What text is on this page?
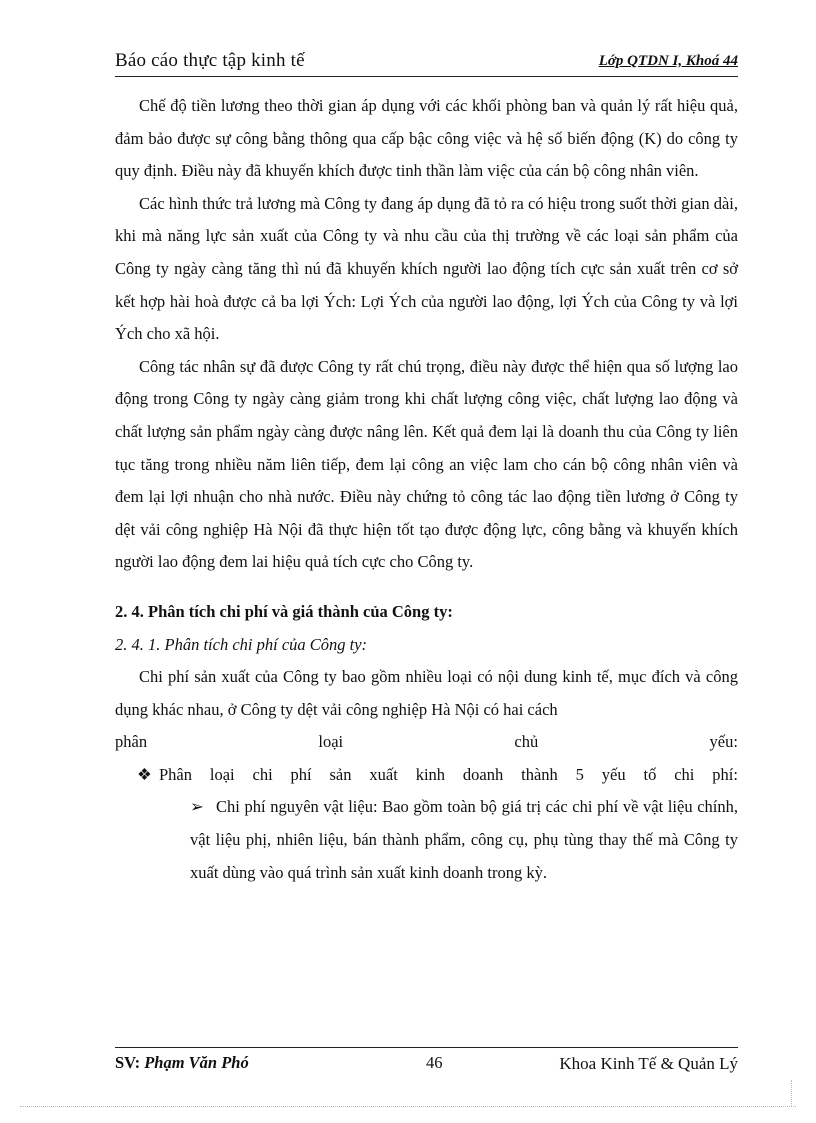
Báo cáo thực tập kinh tế	Lớp QTDN I, Khoá 44

Chế độ tiền lương theo thời gian áp dụng với các khối phòng ban và quản lý rất hiệu quả, đảm bảo được sự công bằng thông qua cấp bậc công việc và hệ số biến động (K) do công ty quy định. Điều này đã khuyến khích được tinh thần làm việc của cán bộ công nhân viên.

Các hình thức trả lương mà Công ty đang áp dụng đã tỏ ra có hiệu trong suốt thời gian dài, khi mà năng lực sản xuất của Công ty và nhu cầu của thị trường về các loại sản phẩm của Công ty ngày càng tăng thì nú đã khuyến khích người lao động tích cực sản xuất trên cơ sở kết hợp hài hoà được cả ba lợi Ých: Lợi Ých của người lao động, lợi Ých của Công ty và lợi Ých cho xã hội.

Công tác nhân sự đã được Công ty rất chú trọng, điều này được thể hiện qua số lượng lao động trong Công ty ngày càng giảm trong khi chất lượng công việc, chất lượng lao động và chất lượng sản phẩm ngày càng được nâng lên. Kết quả đem lại là doanh thu của Công ty liên tục tăng trong nhiều năm liên tiếp, đem lại công an việc lam cho cán bộ công nhân viên và đem lại lợi nhuận cho nhà nước. Điều này chứng tỏ công tác lao động tiền lương ở Công ty dệt vải công nghiệp Hà Nội đã thực hiện tốt tạo được động lực, công bằng và khuyến khích người lao động đem lai hiệu quả tích cực cho Công ty.

2. 4. Phân tích chi phí và giá thành của Công ty:

2. 4. 1. Phân tích chi phí của Công ty:

Chi phí sản xuất của Công ty bao gồm nhiều loại có nội dung kinh tế, mục đích và công dụng khác nhau, ở Công ty dệt vải công nghiệp Hà Nội có hai cách

phân	loại	chủ	yếu:
❖ Phân loại chi phí sản xuất kinh doanh thành 5 yếu tố chi phí:

➢ Chi phí nguyên vật liệu: Bao gồm toàn bộ giá trị các chi phí về vật liệu chính, vật liệu phị, nhiên liệu, bán thành phẩm, công cụ, phụ tùng thay thế mà Công ty xuất dùng vào quá trình sản xuất kinh doanh trong kỳ.

SV: Phạm Văn Phó	46	Khoa Kinh Tế & Quản Lý
